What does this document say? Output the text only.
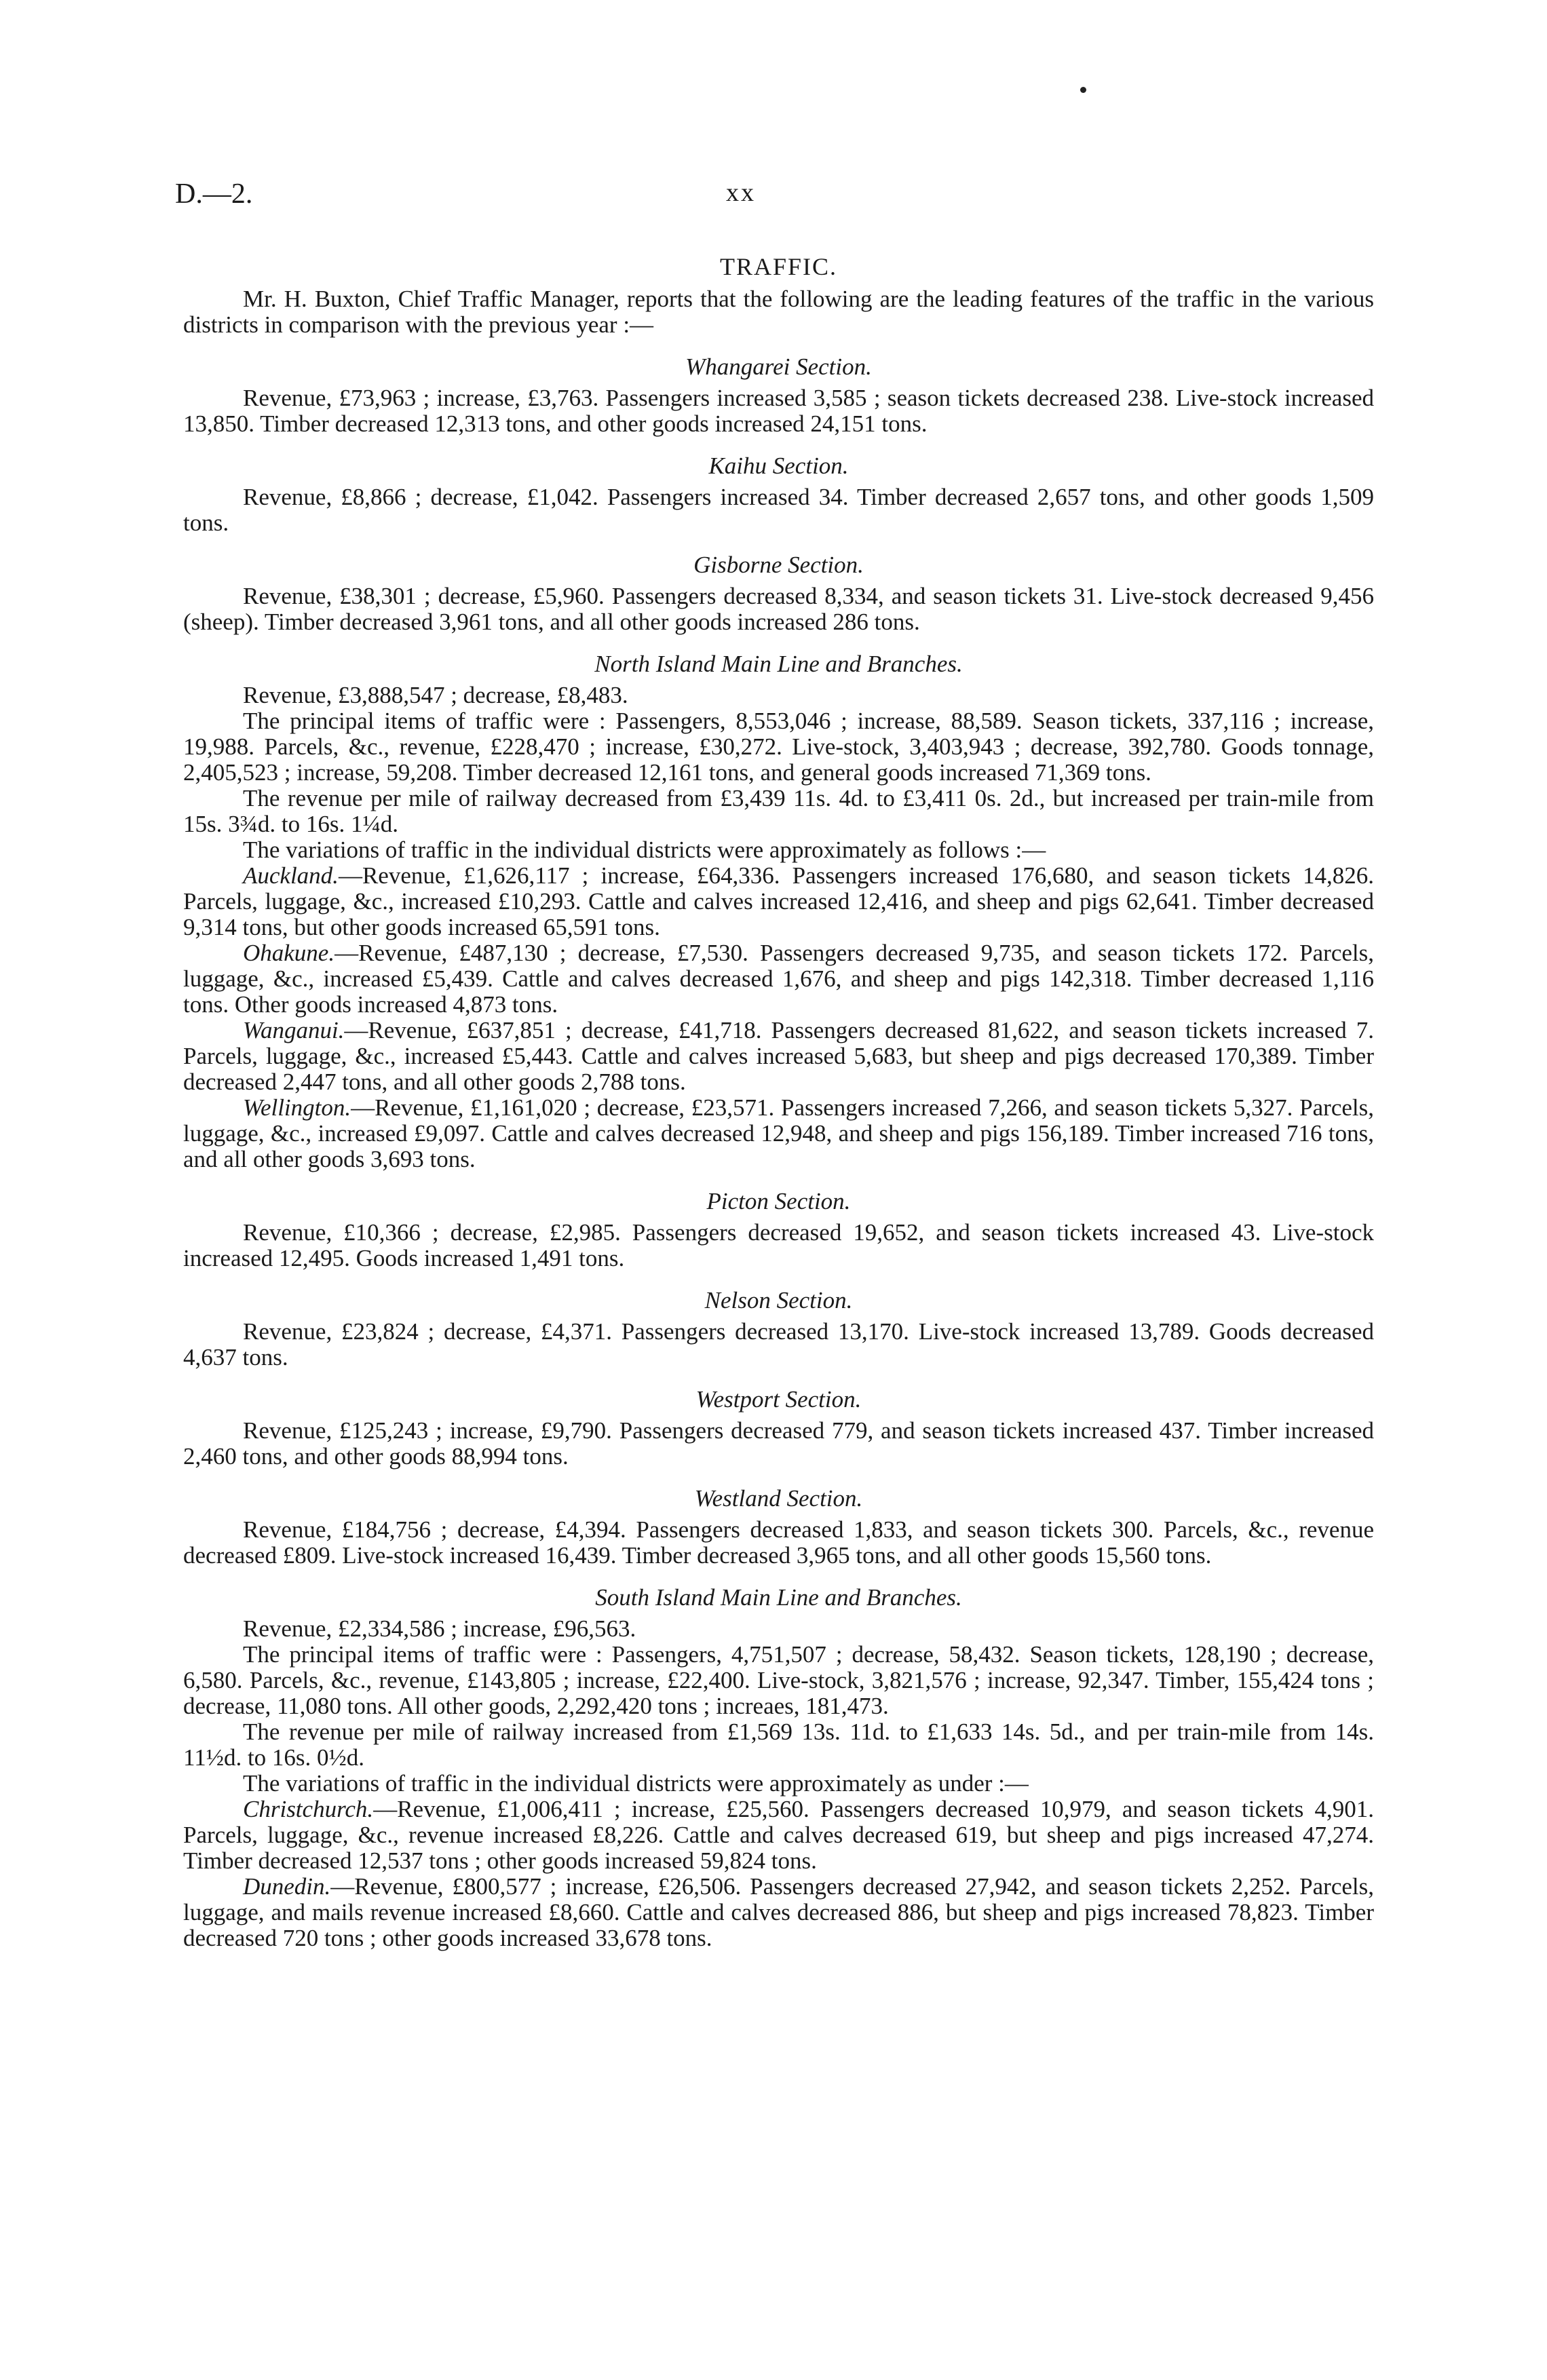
D.—2.	xx
TRAFFIC.

Mr. H. Buxton, Chief Traffic Manager, reports that the following are the leading features of the traffic in the various districts in comparison with the previous year :—

Whangarei Section.

Revenue, £73,963 ; increase, £3,763. Passengers increased 3,585 ; season tickets decreased 238. Live-stock increased 13,850. Timber decreased 12,313 tons, and other goods increased 24,151 tons.

Kaihu Section.

Revenue, £8,866 ; decrease, £1,042. Passengers increased 34. Timber decreased 2,657 tons, and other goods 1,509 tons.

Gisborne Section.

Revenue, £38,301 ; decrease, £5,960. Passengers decreased 8,334, and season tickets 31. Live-stock decreased 9,456 (sheep). Timber decreased 3,961 tons, and all other goods increased 286 tons.

North Island Main Line and Branches.

Revenue, £3,888,547 ; decrease, £8,483.

The principal items of traffic were : Passengers, 8,553,046 ; increase, 88,589. Season tickets, 337,116 ; increase, 19,988. Parcels, &c., revenue, £228,470 ; increase, £30,272. Live-stock, 3,403,943 ; decrease, 392,780. Goods tonnage, 2,405,523 ; increase, 59,208. Timber decreased 12,161 tons, and general goods increased 71,369 tons.

The revenue per mile of railway decreased from £3,439 11s. 4d. to £3,411 0s. 2d., but increased per train-mile from 15s. 3¾d. to 16s. 1¼d.

The variations of traffic in the individual districts were approximately as follows :—

Auckland.—Revenue, £1,626,117 ; increase, £64,336. Passengers increased 176,680, and season tickets 14,826. Parcels, luggage, &c., increased £10,293. Cattle and calves increased 12,416, and sheep and pigs 62,641. Timber decreased 9,314 tons, but other goods increased 65,591 tons.

Ohakune.—Revenue, £487,130 ; decrease, £7,530. Passengers decreased 9,735, and season tickets 172. Parcels, luggage, &c., increased £5,439. Cattle and calves decreased 1,676, and sheep and pigs 142,318. Timber decreased 1,116 tons. Other goods increased 4,873 tons.

Wanganui.—Revenue, £637,851 ; decrease, £41,718. Passengers decreased 81,622, and season tickets increased 7. Parcels, luggage, &c., increased £5,443. Cattle and calves increased 5,683, but sheep and pigs decreased 170,389. Timber decreased 2,447 tons, and all other goods 2,788 tons.

Wellington.—Revenue, £1,161,020 ; decrease, £23,571. Passengers increased 7,266, and season tickets 5,327. Parcels, luggage, &c., increased £9,097. Cattle and calves decreased 12,948, and sheep and pigs 156,189. Timber increased 716 tons, and all other goods 3,693 tons.

Picton Section.

Revenue, £10,366 ; decrease, £2,985. Passengers decreased 19,652, and season tickets increased 43. Live-stock increased 12,495. Goods increased 1,491 tons.

Nelson Section.

Revenue, £23,824 ; decrease, £4,371. Passengers decreased 13,170. Live-stock increased 13,789. Goods decreased 4,637 tons.

Westport Section.

Revenue, £125,243 ; increase, £9,790. Passengers decreased 779, and season tickets increased 437. Timber increased 2,460 tons, and other goods 88,994 tons.

Westland Section.

Revenue, £184,756 ; decrease, £4,394. Passengers decreased 1,833, and season tickets 300. Parcels, &c., revenue decreased £809. Live-stock increased 16,439. Timber decreased 3,965 tons, and all other goods 15,560 tons.

South Island Main Line and Branches.

Revenue, £2,334,586 ; increase, £96,563.

The principal items of traffic were : Passengers, 4,751,507 ; decrease, 58,432. Season tickets, 128,190 ; decrease, 6,580. Parcels, &c., revenue, £143,805 ; increase, £22,400. Live-stock, 3,821,576 ; increase, 92,347. Timber, 155,424 tons ; decrease, 11,080 tons. All other goods, 2,292,420 tons ; increaes, 181,473.

The revenue per mile of railway increased from £1,569 13s. 11d. to £1,633 14s. 5d., and per train-mile from 14s. 11½d. to 16s. 0½d.

The variations of traffic in the individual districts were approximately as under :—

Christchurch.—Revenue, £1,006,411 ; increase, £25,560. Passengers decreased 10,979, and season tickets 4,901. Parcels, luggage, &c., revenue increased £8,226. Cattle and calves decreased 619, but sheep and pigs increased 47,274. Timber decreased 12,537 tons ; other goods increased 59,824 tons.

Dunedin.—Revenue, £800,577 ; increase, £26,506. Passengers decreased 27,942, and season tickets 2,252. Parcels, luggage, and mails revenue increased £8,660. Cattle and calves decreased 886, but sheep and pigs increased 78,823. Timber decreased 720 tons ; other goods increased 33,678 tons.
